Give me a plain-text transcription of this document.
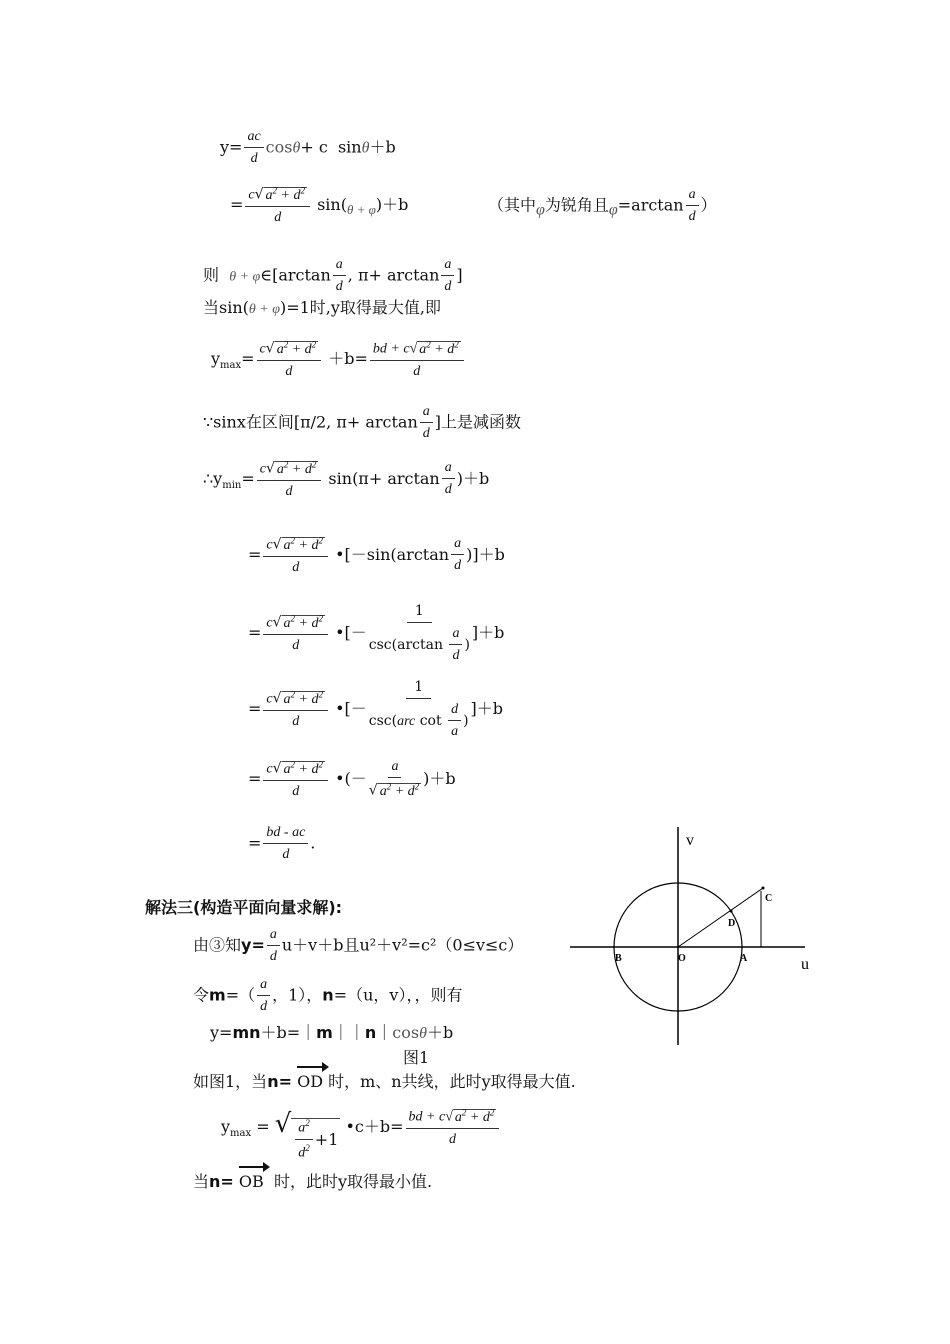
$y= \frac{ac}{d} \cos\theta+ c$  sinθ＋b
= $\frac{c√ a^2 + d^2}{d} \sin(_{\theta + \varphi})+b$	（其中φ为锐角且$\varphi=\arctan \frac{a}{d}$ ）
则  θ + φ∈[arctan $\frac{a}{d}$ , $\pi+ \arctan \frac{a}{d}$ ]
当sin(θ + φ)=1时,y取得最大值,即
$y_{max}= \frac{c√ a^2 + d^2}{d} +b= \frac{bd + c√ a^2 + d^2}{d}$
∵sinx在区间[π/2, $\pi+ \arctan \frac{a}{d}$ ]上是减函数
$\therefore y_{min}= \frac{c√ a^2 + d^2}{d} \sin(\pi+ \arctan \frac{a}{d} )+b$
= $\frac{c√ a^2 + d^2}{d}$ •[－sin(arctan $\frac{a}{d} )]+b$
= $\frac{c√ a^2 + d^2}{d}$ •[－ $\frac{1}{\csc(\arctan \frac{a}{d} )} ]+b$
= $\frac{c√ a^2 + d^2}{d}$ •[－ $\frac{1}{\csc(arc \cot \frac{d}{a} )} ]+b$
= $\frac{c√ a^2 + d^2}{d}$ •(－ $\frac{a}{√ a^2 + d^2} )+b$
= $\frac{bd - ac}{d}$ .
解法三(构造平面向量求解):
由③知$y= \frac{a}{d} u+v+b$且u²＋v²=c²（0≤v≤c）
令$m=( \frac{a}{d}$ ，1），n=（u，v），，则有
y=mn＋b=｜m｜｜n｜cosθ＋b
图1
如图1，当n= OD 时，m、n共线，此时y取得最大值.
$y_{max}$ = √ $\frac{a^2}{d^2} +1$ •c＋b= $\frac{bd + c√ a^2 + d^2}{d}$
当n= OB 时，此时y取得最小值.
v
u
O	A
B
C
D
